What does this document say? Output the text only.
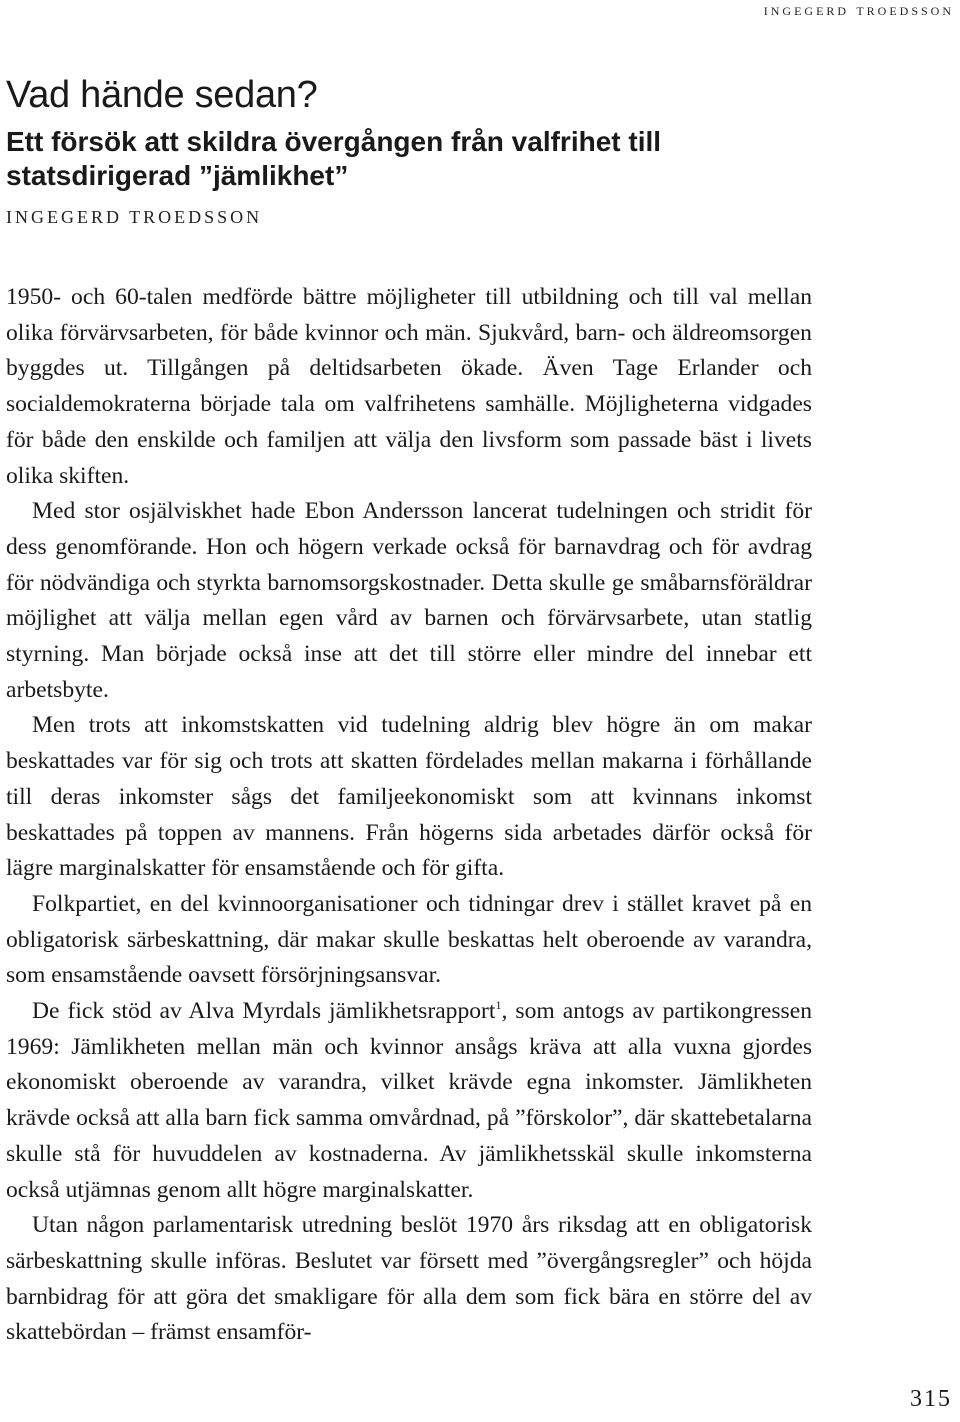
ingegerd troedsson
Vad hände sedan?
Ett försök att skildra övergången från valfrihet till statsdirigerad ”jämlikhet”
INGEGERD TROEDSSON

1950- och 60-talen medförde bättre möjligheter till utbildning och till val mellan olika förvärvsarbeten, för både kvinnor och män. Sjukvård, barn- och äldreomsorgen byggdes ut. Tillgången på deltidsarbeten ökade. Även Tage Erlander och socialdemokraterna började tala om valfrihetens samhälle. Möjligheterna vidgades för både den enskilde och familjen att välja den livsform som passade bäst i livets olika skiften.

Med stor osjälviskhet hade Ebon Andersson lancerat tudelningen och stridit för dess genomförande. Hon och högern verkade också för barnavdrag och för avdrag för nödvändiga och styrkta barnomsorgskostnader. Detta skulle ge småbarnsföräldrar möjlighet att välja mellan egen vård av barnen och förvärvsarbete, utan statlig styrning. Man började också inse att det till större eller mindre del innebar ett arbetsbyte.

Men trots att inkomstskatten vid tudelning aldrig blev högre än om makar beskattades var för sig och trots att skatten fördelades mellan makarna i förhållande till deras inkomster sågs det familjeekonomiskt som att kvinnans inkomst beskattades på toppen av mannens. Från högerns sida arbetades därför också för lägre marginalskatter för ensamstående och för gifta.

Folkpartiet, en del kvinnoorganisationer och tidningar drev i stället kravet på en obligatorisk särbeskattning, där makar skulle beskattas helt oberoende av varandra, som ensamstående oavsett försörjningsansvar.

De fick stöd av Alva Myrdals jämlikhetsrapport$^1$, som antogs av partikongressen 1969: Jämlikheten mellan män och kvinnor ansågs kräva att alla vuxna gjordes ekonomiskt oberoende av varandra, vilket krävde egna inkomster. Jämlikheten krävde också att alla barn fick samma omvårdnad, på ”förskolor”, där skattebetalarna skulle stå för huvuddelen av kostnaderna. Av jämlikhetsskäl skulle inkomsterna också utjämnas genom allt högre marginalskatter.

Utan någon parlamentarisk utredning beslöt 1970 års riksdag att en obligatorisk särbeskattning skulle införas. Beslutet var försett med ”övergångsregler” och höjda barnbidrag för att göra det smakligare för alla dem som fick bära en större del av skattebördan – främst ensamför-

315
